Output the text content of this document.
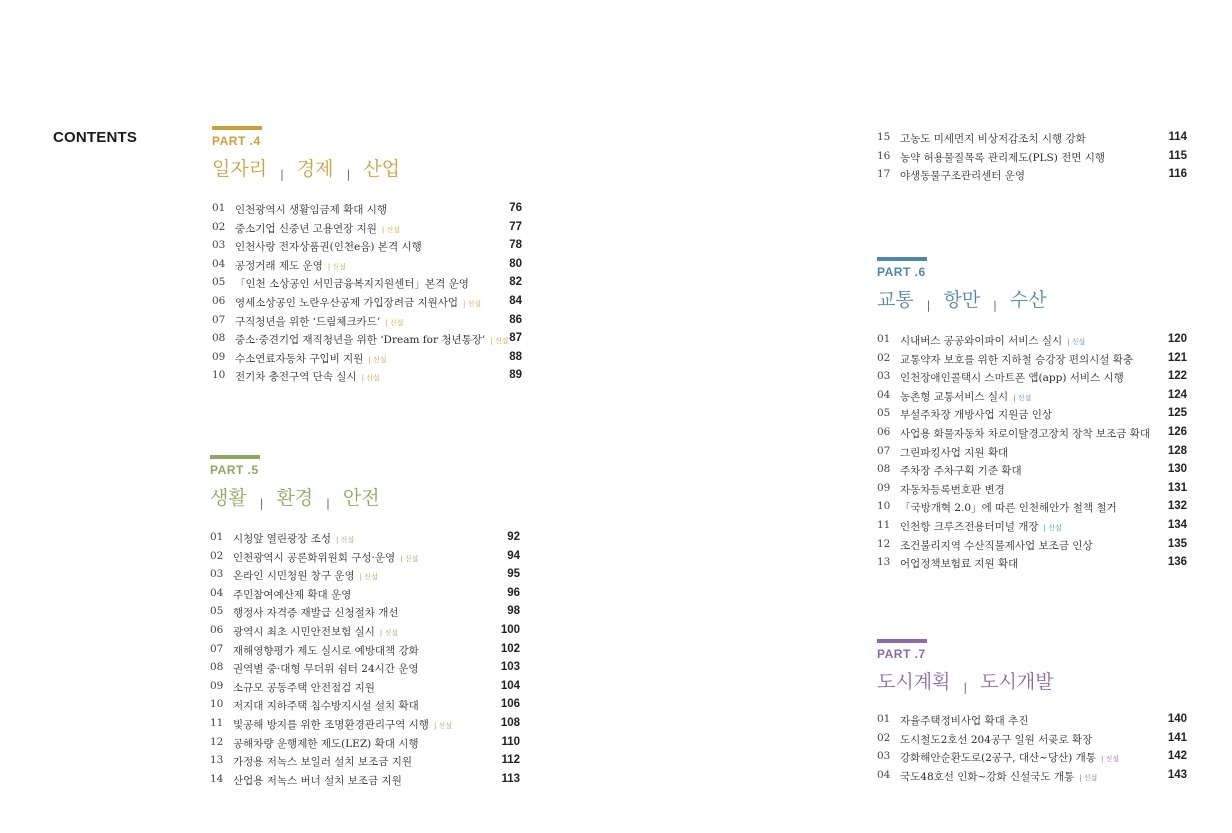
CONTENTS	PART .4
일자리 | 경제 | 산업
01 인천광역시 생활임금제 확대 시행	76
02 중소기업 신중년 고용연장 지원 | 신설	77
03 인천사랑 전자상품권(인천e음) 본격 시행	78
04 공정거래 제도 운영 | 신설	80
05 「인천 소상공인 서민금융복지지원센터」본격 운영	82
06 영세소상공인 노란우산공제 가입장려금 지원사업 | 신설 84
07 구직청년을 위한 ‘드림체크카드’ | 신설	86
08 중소·중견기업 재직청년을 위한 ‘Dream for 청년통장’ | 신설 87
09 수소연료자동차 구입비 지원 | 신설	88
10 전기차 충전구역 단속 실시 | 신설	89
PART .5
생활 | 환경 | 안전
01 시청앞 열린광장 조성 | 신설	92
02 인천광역시 공론화위원회 구성·운영 | 신설	94
03 온라인 시민청원 창구 운영 | 신설	95
04 주민참여예산제 확대 운영	96
05 행정사 자격증 재발급 신청절차 개선	98
06 광역시 최초 시민안전보험 실시 | 신설	100
07 재해영향평가 제도 실시로 예방대책 강화	102
08 권역별 중·대형 무더위 쉼터 24시간 운영	103
09 소규모 공동주택 안전점검 지원	104
10 저지대 지하주택 침수방지시설 설치 확대	106
11 빛공해 방지를 위한 조명환경관리구역 시행 | 신설	108
12 공해차량 운행제한 제도(LEZ) 확대 시행	110
13 가정용 저녹스 보일러 설치 보조금 지원	112
14 산업용 저녹스 버너 설치 보조금 지원	113
15 고농도 미세먼지 비상저감조치 시행 강화	114
16 농약 허용물질목록 관리제도(PLS) 전면 시행	115
17 야생동물구조관리센터 운영	116
PART .6
교통 | 항만 | 수산
01 시내버스 공공와이파이 서비스 실시 | 신설	120
02 교통약자 보호를 위한 지하철 승강장 편의시설 확충	121
03 인천장애인콜택시 스마트폰 앱(app) 서비스 시행	122
04 농촌형 교통서비스 실시 | 신설	124
05 부설주차장 개방사업 지원금 인상	125
06 사업용 화물자동차 차로이탈경고장치 장착 보조금 확대 126
07 그린파킹사업 지원 확대	128
08 주차장 주차구획 기준 확대	130
09 자동차등록번호판 변경	131
10 「국방개혁 2.0」에 따른 인천해안가 철책 철거	132
11 인천항 크루즈전용터미널 개장 | 신설	134
12 조건불리지역 수산직불제사업 보조금 인상	135
13 어업정책보험료 지원 확대	136
PART .7
도시계획 | 도시개발
01 자율주택정비사업 확대 추진	140
02 도시철도2호선 204공구 일원 서곶로 확장	141
03 강화해안순환도로(2공구, 대산~당산) 개통 | 신설	142
04 국도48호선 인화~강화 신설국도 개통 | 신설	143
